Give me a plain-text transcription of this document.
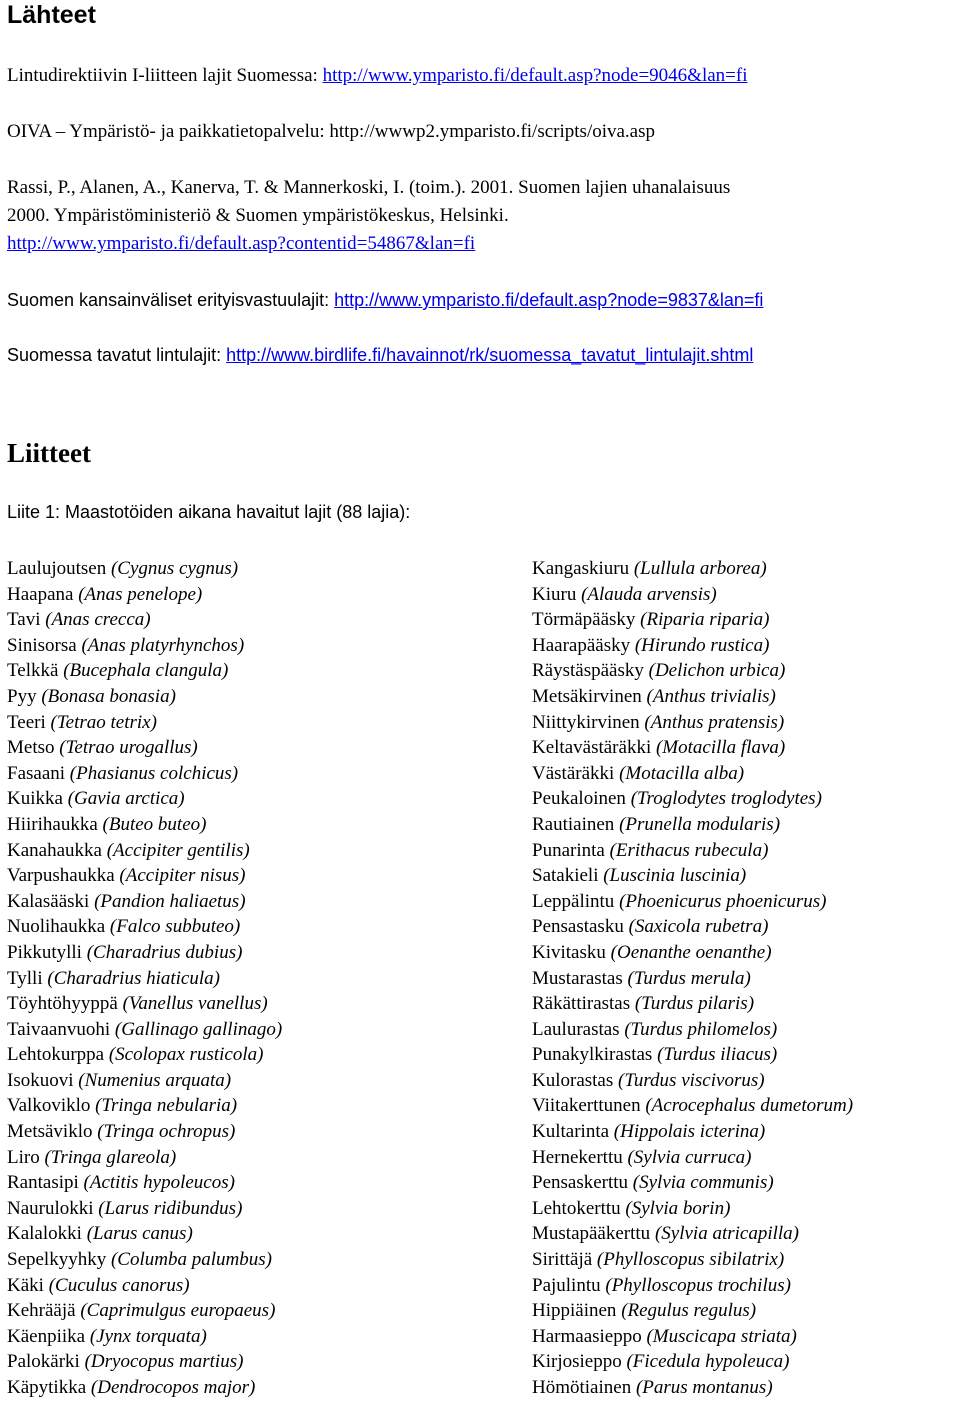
Lähteet
Lintudirektiivin I-liitteen lajit Suomessa: http://www.ymparisto.fi/default.asp?node=9046&lan=fi
OIVA – Ympäristö- ja paikkatietopalvelu: http://wwwp2.ymparisto.fi/scripts/oiva.asp
Rassi, P., Alanen, A., Kanerva, T. & Mannerkoski, I. (toim.). 2001. Suomen lajien uhanalaisuus
2000. Ympäristöministeriö & Suomen ympäristökeskus, Helsinki.
http://www.ymparisto.fi/default.asp?contentid=54867&lan=fi
Suomen kansainväliset erityisvastuulajit: http://www.ymparisto.fi/default.asp?node=9837&lan=fi
Suomessa tavatut lintulajit: http://www.birdlife.fi/havainnot/rk/suomessa_tavatut_lintulajit.shtml
Liitteet
Liite 1: Maastotöiden aikana havaitut lajit (88 lajia):
Laulujoutsen (Cygnus cygnus)
Haapana (Anas penelope)
Tavi (Anas crecca)
Sinisorsa (Anas platyrhynchos)
Telkkä (Bucephala clangula)
Pyy (Bonasa bonasia)
Teeri (Tetrao tetrix)
Metso (Tetrao urogallus)
Fasaani (Phasianus colchicus)
Kuikka (Gavia arctica)
Hiirihaukka (Buteo buteo)
Kanahaukka (Accipiter gentilis)
Varpushaukka (Accipiter nisus)
Kalasääski (Pandion haliaetus)
Nuolihaukka (Falco subbuteo)
Pikkutylli (Charadrius dubius)
Tylli (Charadrius hiaticula)
Töyhtöhyyppä (Vanellus vanellus)
Taivaanvuohi (Gallinago gallinago)
Lehtokurppa (Scolopax rusticola)
Isokuovi (Numenius arquata)
Valkoviklo (Tringa nebularia)
Metsäviklo (Tringa ochropus)
Liro (Tringa glareola)
Rantasipi (Actitis hypoleucos)
Naurulokki (Larus ridibundus)
Kalalokki (Larus canus)
Sepelkyyhky (Columba palumbus)
Käki (Cuculus canorus)
Kehrääjä (Caprimulgus europaeus)
Käenpiika (Jynx torquata)
Palokärki (Dryocopus martius)
Käpytikka (Dendrocopos major)
Kangaskiuru (Lullula arborea)
Kiuru (Alauda arvensis)
Törmäpääsky (Riparia riparia)
Haarapääsky (Hirundo rustica)
Räystäspääsky (Delichon urbica)
Metsäkirvinen (Anthus trivialis)
Niittykirvinen (Anthus pratensis)
Keltavästäräkki (Motacilla flava)
Västäräkki (Motacilla alba)
Peukaloinen (Troglodytes troglodytes)
Rautiainen (Prunella modularis)
Punarinta (Erithacus rubecula)
Satakieli (Luscinia luscinia)
Leppälintu (Phoenicurus phoenicurus)
Pensastasku (Saxicola rubetra)
Kivitasku (Oenanthe oenanthe)
Mustarastas (Turdus merula)
Räkättirastas (Turdus pilaris)
Laulurastas (Turdus philomelos)
Punakylkirastas (Turdus iliacus)
Kulorastas (Turdus viscivorus)
Viitakerttunen (Acrocephalus dumetorum)
Kultarinta (Hippolais icterina)
Hernekerttu (Sylvia curruca)
Pensaskerttu (Sylvia communis)
Lehtokerttu (Sylvia borin)
Mustapääkerttu (Sylvia atricapilla)
Sirittäjä (Phylloscopus sibilatrix)
Pajulintu (Phylloscopus trochilus)
Hippiäinen (Regulus regulus)
Harmaasieppo (Muscicapa striata)
Kirjosieppo (Ficedula hypoleuca)
Hömötiainen (Parus montanus)
